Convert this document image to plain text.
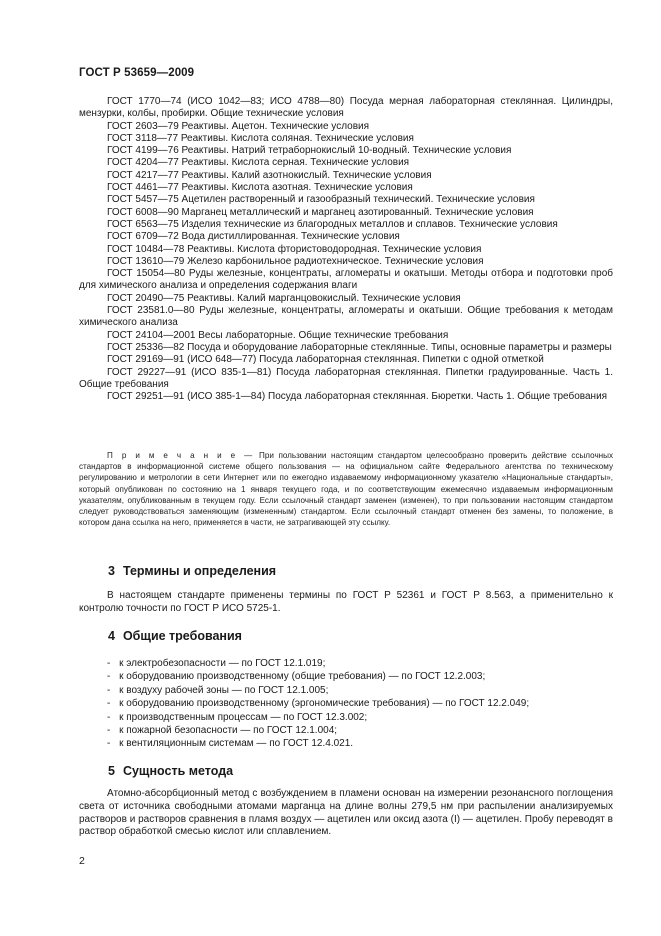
ГОСТ Р 53659—2009

ГОСТ 1770—74 (ИСО 1042—83; ИСО 4788—80) Посуда мерная лабораторная стеклянная. Цилиндры, мензурки, колбы, пробирки. Общие технические условия

ГОСТ 2603—79 Реактивы. Ацетон. Технические условия

ГОСТ 3118—77 Реактивы. Кислота соляная. Технические условия

ГОСТ 4199—76 Реактивы. Натрий тетраборнокислый 10-водный. Технические условия

ГОСТ 4204—77 Реактивы. Кислота серная. Технические условия

ГОСТ 4217—77 Реактивы. Калий азотнокислый. Технические условия

ГОСТ 4461—77 Реактивы. Кислота азотная. Технические условия

ГОСТ 5457—75 Ацетилен растворенный и газообразный технический. Технические условия

ГОСТ 6008—90 Марганец металлический и марганец азотированный. Технические условия

ГОСТ 6563—75 Изделия технические из благородных металлов и сплавов. Технические условия

ГОСТ 6709—72 Вода дистиллированная. Технические условия

ГОСТ 10484—78 Реактивы. Кислота фтористоводородная. Технические условия

ГОСТ 13610—79 Железо карбонильное радиотехническое. Технические условия

ГОСТ 15054—80 Руды железные, концентраты, агломераты и окатыши. Методы отбора и подготовки проб для химического анализа и определения содержания влаги

ГОСТ 20490—75 Реактивы. Калий марганцовокислый. Технические условия

ГОСТ 23581.0—80 Руды железные, концентраты, агломераты и окатыши. Общие требования к методам химического анализа

ГОСТ 24104—2001 Весы лабораторные. Общие технические требования

ГОСТ 25336—82 Посуда и оборудование лабораторные стеклянные. Типы, основные параметры и размеры

ГОСТ 29169—91 (ИСО 648—77) Посуда лабораторная стеклянная. Пипетки с одной отметкой

ГОСТ 29227—91 (ИСО 835-1—81) Посуда лабораторная стеклянная. Пипетки градуированные. Часть 1. Общие требования

ГОСТ 29251—91 (ИСО 385-1—84) Посуда лабораторная стеклянная. Бюретки. Часть 1. Общие требования

П р и м е ч а н и е — При пользовании настоящим стандартом целесообразно проверить действие ссылочных стандартов в информационной системе общего пользования — на официальном сайте Федерального агентства по техническому регулированию и метрологии в сети Интернет или по ежегодно издаваемому информационному указателю «Национальные стандарты», который опубликован по состоянию на 1 января текущего года, и по соответствующим ежемесячно издаваемым информационным указателям, опубликованным в текущем году. Если ссылочный стандарт заменен (изменен), то при пользовании настоящим стандартом следует руководствоваться заменяющим (измененным) стандартом. Если ссылочный стандарт отменен без замены, то положение, в котором дана ссылка на него, применяется в части, не затрагивающей эту ссылку.
3 Термины и определения

В настоящем стандарте применены термины по ГОСТ Р 52361 и ГОСТ Р 8.563, а применительно к контролю точности по ГОСТ Р ИСО 5725-1.

4 Общие требования
- к электробезопасности — по ГОСТ 12.1.019;
- к оборудованию производственному (общие требования) — по ГОСТ 12.2.003;
- к воздуху рабочей зоны — по ГОСТ 12.1.005;
- к оборудованию производственному (эргономические требования) — по ГОСТ 12.2.049;
- к производственным процессам — по ГОСТ 12.3.002;
- к пожарной безопасности — по ГОСТ 12.1.004;
- к вентиляционным системам — по ГОСТ 12.4.021.
5 Сущность метода

Атомно-абсорбционный метод с возбуждением в пламени основан на измерении резонансного поглощения света от источника свободными атомами марганца на длине волны 279,5 нм при распылении анализируемых растворов и растворов сравнения в пламя воздух — ацетилен или оксид азота (I) — ацетилен. Пробу переводят в раствор обработкой смесью кислот или сплавлением.

2
